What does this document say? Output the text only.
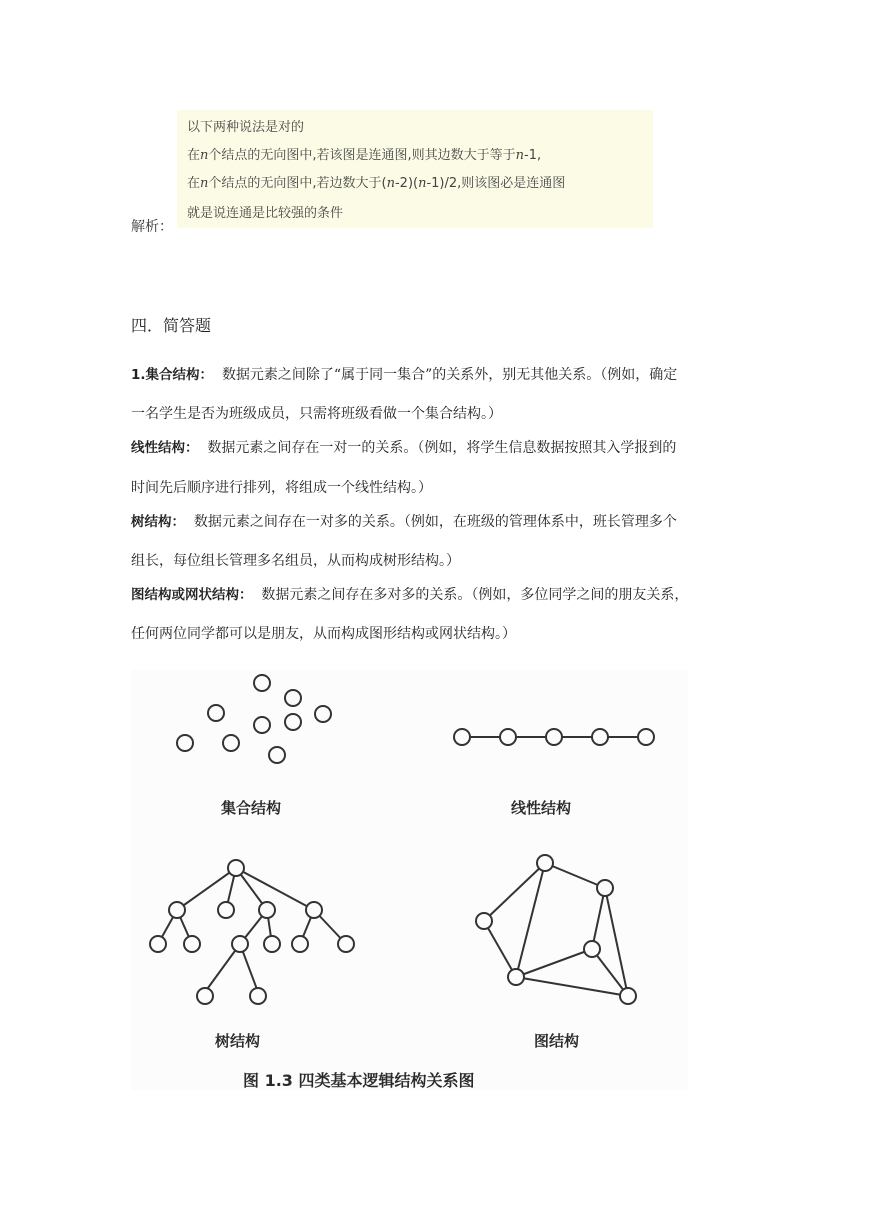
以下两种说法是对的
在n个结点的无向图中,若该图是连通图,则其边数大于等于n-1,
在n个结点的无向图中,若边数大于(n-2)(n-1)/2,则该图必是连通图
就是说连通是比较强的条件
解析：
四．简答题
1.集合结构： 数据元素之间除了“属于同一集合”的关系外，别无其他关系。（例如，确定
一名学生是否为班级成员，只需将班级看做一个集合结构。）
线性结构： 数据元素之间存在一对一的关系。（例如，将学生信息数据按照其入学报到的
时间先后顺序进行排列，将组成一个线性结构。）
树结构： 数据元素之间存在一对多的关系。（例如，在班级的管理体系中，班长管理多个
组长，每位组长管理多名组员，从而构成树形结构。）
图结构或网状结构： 数据元素之间存在多对多的关系。（例如，多位同学之间的朋友关系，
任何两位同学都可以是朋友，从而构成图形结构或网状结构。）
集合结构	线性结构
树结构	图结构
图 1.3 四类基本逻辑结构关系图
